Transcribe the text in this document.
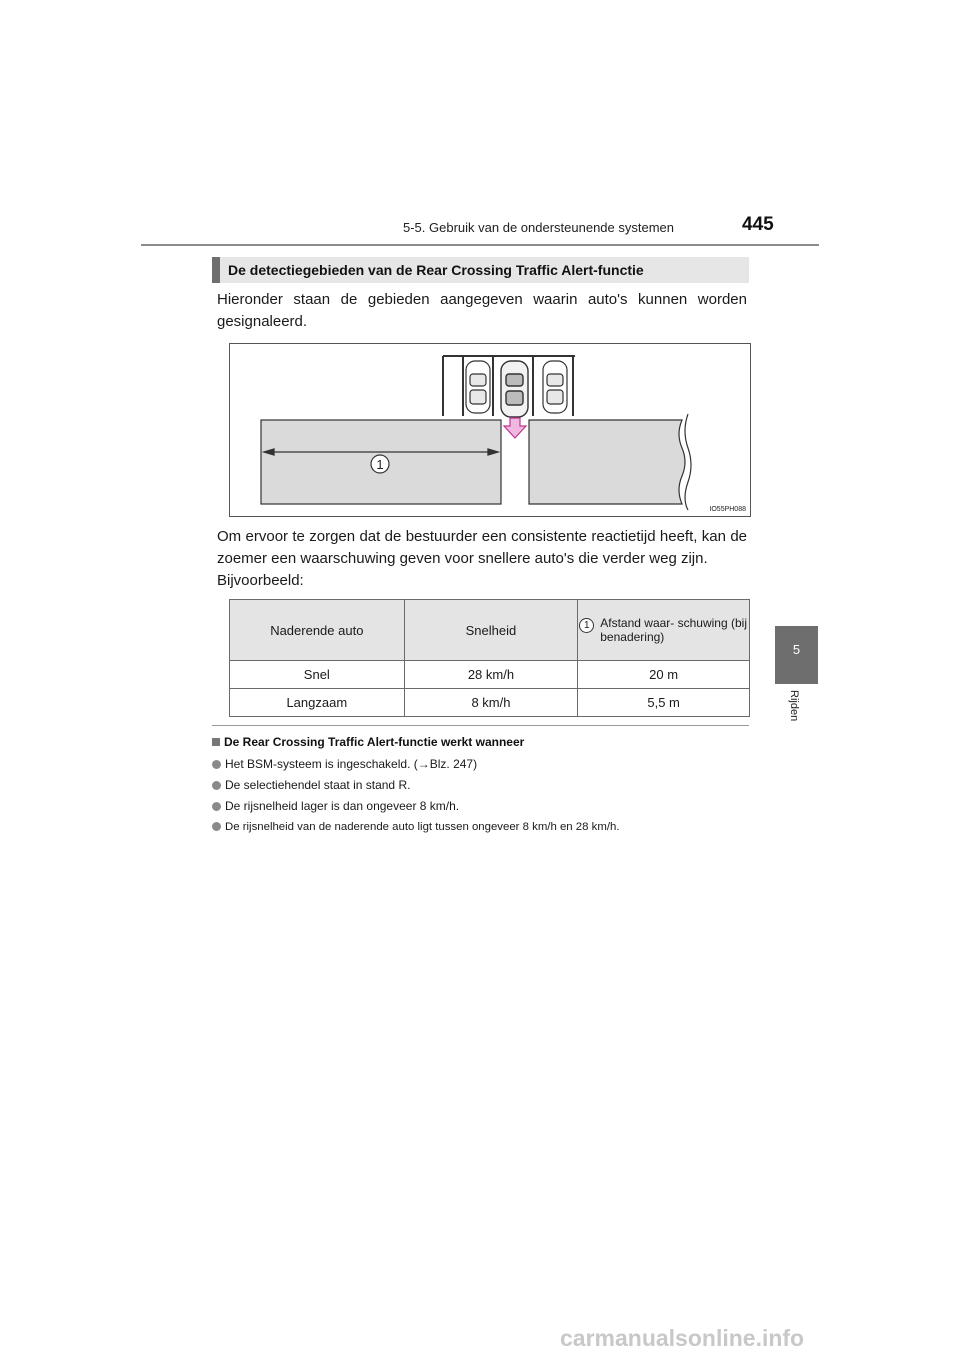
5-5. Gebruik van de ondersteunende systemen	445
5
Rijden
De detectiegebieden van de Rear Crossing Traffic Alert-functie
Hieronder staan de gebieden aangegeven waarin auto's kunnen worden gesignaleerd.
1
IO55PH088
Om ervoor te zorgen dat de bestuurder een consistente reactietijd heeft, kan de zoemer een waarschuwing geven voor snellere auto's die verder weg zijn.
Bijvoorbeeld:
Naderende auto	Snelheid	1 Afstand waar- schuwing (bij benadering)

Snel	28 km/h	20 m
Langzaam	8 km/h	5,5 m
De Rear Crossing Traffic Alert-functie werkt wanneer
Het BSM-systeem is ingeschakeld. (→Blz. 247)
De selectiehendel staat in stand R.
De rijsnelheid lager is dan ongeveer 8 km/h.
De rijsnelheid van de naderende auto ligt tussen ongeveer 8 km/h en 28 km/h.
carmanualsonline.info
